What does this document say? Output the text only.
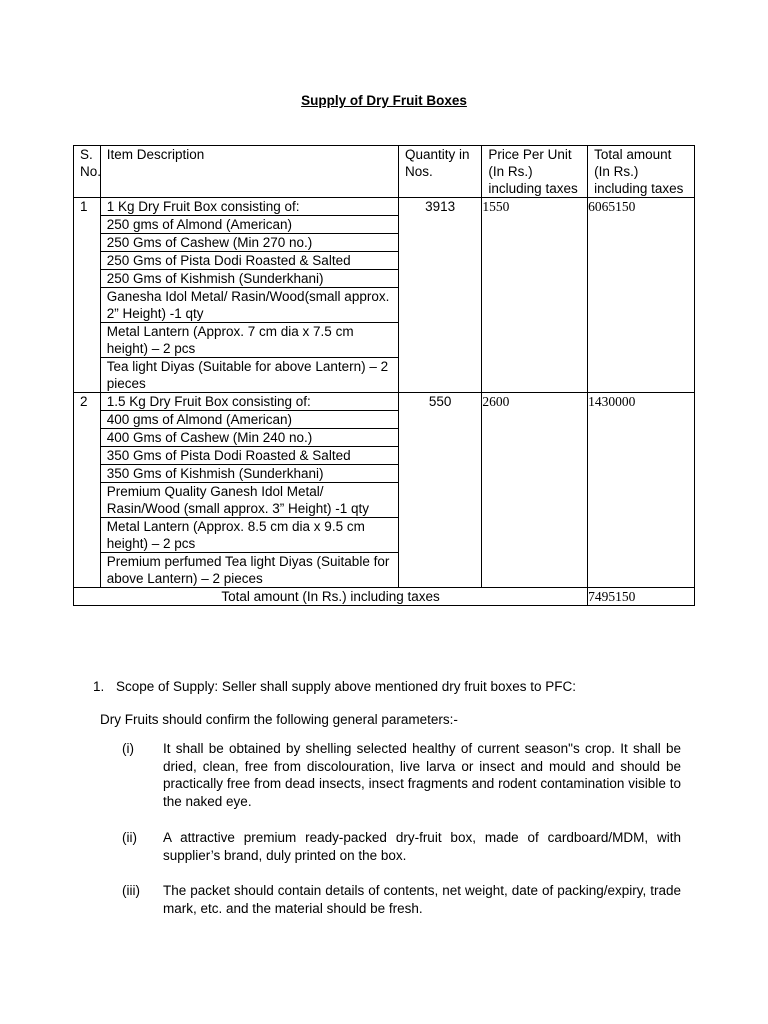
Supply of Dry Fruit Boxes
S. No.	Item Description	Quantity in Nos.	Price Per Unit (In Rs.) including taxes	Total amount (In Rs.) including taxes
1	1 Kg Dry Fruit Box consisting of:	3913	1550	6065150
	250 gms of Almond (American)			
	250 Gms of Cashew (Min 270 no.)			
	250 Gms of Pista Dodi Roasted & Salted			
	250 Gms of Kishmish (Sunderkhani)			
	Ganesha Idol Metal/ Rasin/Wood(small approx. 2” Height) -1 qty			
	Metal Lantern (Approx. 7 cm dia x 7.5 cm height) – 2 pcs			
	Tea light Diyas (Suitable for above Lantern) – 2 pieces			
2	1.5 Kg Dry Fruit Box consisting of:	550	2600	1430000
	400 gms of Almond (American)			
	400 Gms of Cashew (Min 240 no.)			
	350 Gms of Pista Dodi Roasted & Salted			
	350 Gms of Kishmish (Sunderkhani)			
	Premium Quality Ganesh Idol Metal/ Rasin/Wood (small approx. 3” Height) -1 qty			
	Metal Lantern (Approx. 8.5 cm dia x 9.5 cm height) – 2 pcs			
	Premium perfumed Tea light Diyas (Suitable for above Lantern) – 2 pieces			
Total amount (In Rs.) including taxes				7495150
1. Scope of Supply: Seller shall supply above mentioned dry fruit boxes to PFC:
Dry Fruits should confirm the following general parameters:-
(i) It shall be obtained by shelling selected healthy of current season"s crop. It shall be dried, clean, free from discolouration, live larva or insect and mould and should be practically free from dead insects, insect fragments and rodent contamination visible to the naked eye.
(ii) A attractive premium ready-packed dry-fruit box, made of cardboard/MDM, with supplier’s brand, duly printed on the box.
(iii) The packet should contain details of contents, net weight, date of packing/expiry, trade mark, etc. and the material should be fresh.
